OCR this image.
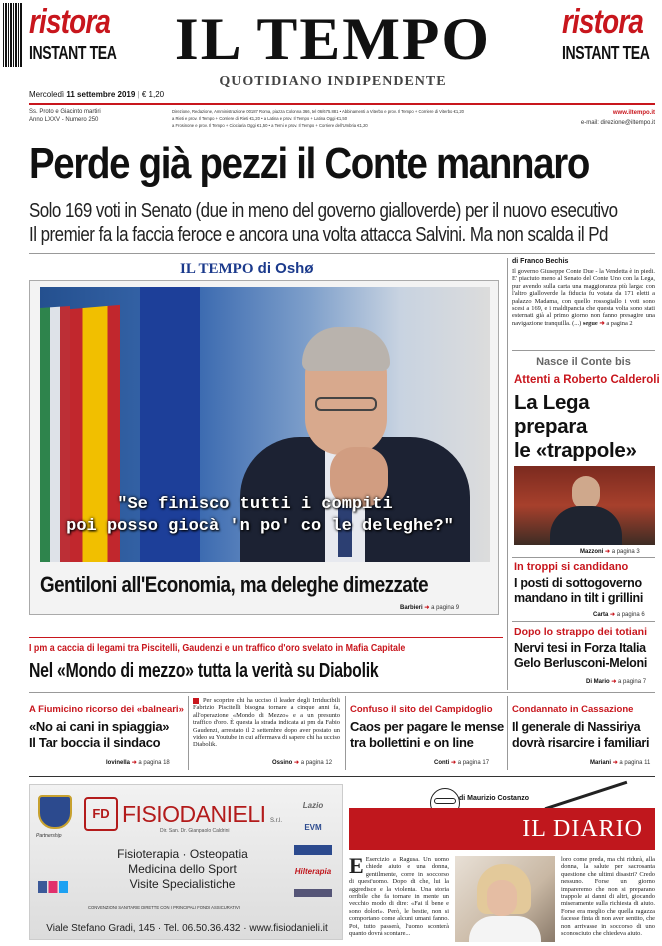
ristora
INSTANT TEA IL TEMPO
QUOTIDIANO INDIPENDENTE
ristora
INSTANT TEA
Mercoledì 11 settembre 2019 | € 1,20
Ss. Proto e Giacinto martiri
Anno LXXV - Numero 250
Direzione, Redazione, Amministrazione 00187 Roma, piazza Colonna 366, tel 06/675.881 • Abbinamenti a Viterbo e prov. Il Tempo + Corriere di Viterbo €1,20
a Rieti e prov. Il Tempo + Corriere di Rieti €1,20 • a Latina e prov. Il Tempo + Latina Oggi €1,50
a Frosinone e prov. Il Tempo + Ciociaria Oggi €1,50 • a Terni e prov. Il Tempo + Corriere dell'Umbria €1,20
www.iltempo.it
e-mail: direzione@iltempo.it
Perde già pezzi il Conte mannaro
Solo 169 voti in Senato (due in meno del governo gialloverde) per il nuovo esecutivo
Il premier fa la faccia feroce e ancora una volta attacca Salvini. Ma non scalda il Pd
IL TEMPO di Oshø
"Se finisco tutti i compiti
poi posso giocà 'n po' co le deleghe?"
Gentiloni all'Economia, ma deleghe dimezzate
Barbieri ➜ a pagina 9
di Franco Bechis
Il governo Giuseppe Conte Due - la Vendetta è in piedi. E' piaciuto meno al Senato del Conte Uno con la Lega, pur avendo sulla carta una maggioranza più larga: con l'altro gialloverde la fiducia fu votata da 171 eletti a palazzo Madama, con quello rossogiallo i voti sono scesi a 169, e i maldipancia che questa volta sono stati esternati già al primo giorno non fanno presagire una navigazione tranquilla. (...) segue ➜ a pagina 2
Nasce il Conte bis
Attenti a Roberto Calderoli
La Lega prepara
le «trappole»
Mazzoni ➜ a pagina 3
In troppi si candidano
I posti di sottogoverno
mandano in tilt i grillini
Carta ➜ a pagina 6
Dopo lo strappo dei totiani
Nervi tesi in Forza Italia
Gelo Berlusconi-Meloni
Di Mario ➜ a pagina 7
I pm a caccia di legami tra Piscitelli, Gaudenzi e un traffico d'oro svelato in Mafia Capitale
Nel «Mondo di mezzo» tutta la verità su Diabolik
A Fiumicino ricorso dei «balneari»
«No ai cani in spiaggia»
Il Tar boccia il sindaco
Iovinella ➜ a pagina 18
Per scoprire chi ha ucciso il leader degli Irriducibili Fabrizio Piscitelli bisogna tornare a cinque anni fa, all'operazione «Mondo di Mezzo» e a un presunto traffico d'oro. È questa la strada indicata ai pm da Fabio Gaudenzi, arrestato il 2 settembre dopo aver postato un video su Youtube in cui affermava di sapere chi ha ucciso Diabolik.
Ossino ➜ a pagina 12
Confuso il sito del Campidoglio
Caos per pagare le mense
tra bollettini e on line
Conti ➜ a pagina 17
Condannato in Cassazione
Il generale di Nassiriya
dovrà risarcire i familiari
Mariani ➜ a pagina 11
Partnership
FD FISIODANIELI S.r.l.
Dir. San. Dr. Gianpaolo Caldrini
Fisioterapia · Osteopatia
Medicina dello Sport
Visite Specialistiche
CONVENZIONI SANITARIE DIRETTE CON I PRINCIPALI FONDI ASSICURATIVI
Lazio
EVM
Hilterapia
Viale Stefano Gradi, 145 · Tel. 06.50.36.432 · www.fisiodanieli.it
di Maurizio Costanzo
IL DIARIO
E Esercizio a Ragusa. Un uomo chiede aiuto e una donna, gentilmente, corre in soccorso di quest'uomo. Dopo di che, lui la aggredisce e la violenta. Una storia orribile che fa tornare in mente un vecchio modo di dire: «Fai il bene e sono dolori». Però, le bestie, non si comportano come alcuni umani fanno. Poi, tutto passerà, l'uomo sconterà quanto dovrà scontare...
loro come preda, ma chi ridurà, alla donna, la salute per sacrosanta questione che ultimi disastri? Credo nessuno. Forse un giorno impareremo che non si preparano trappole ai danni di altri, giocando miseramente sulla richiesta di aiuto. Forse era meglio che quella ragazza facesse finta di non aver sentito, che non arrivasse in soccorso di uno sconosciuto che chiedeva aiuto.
